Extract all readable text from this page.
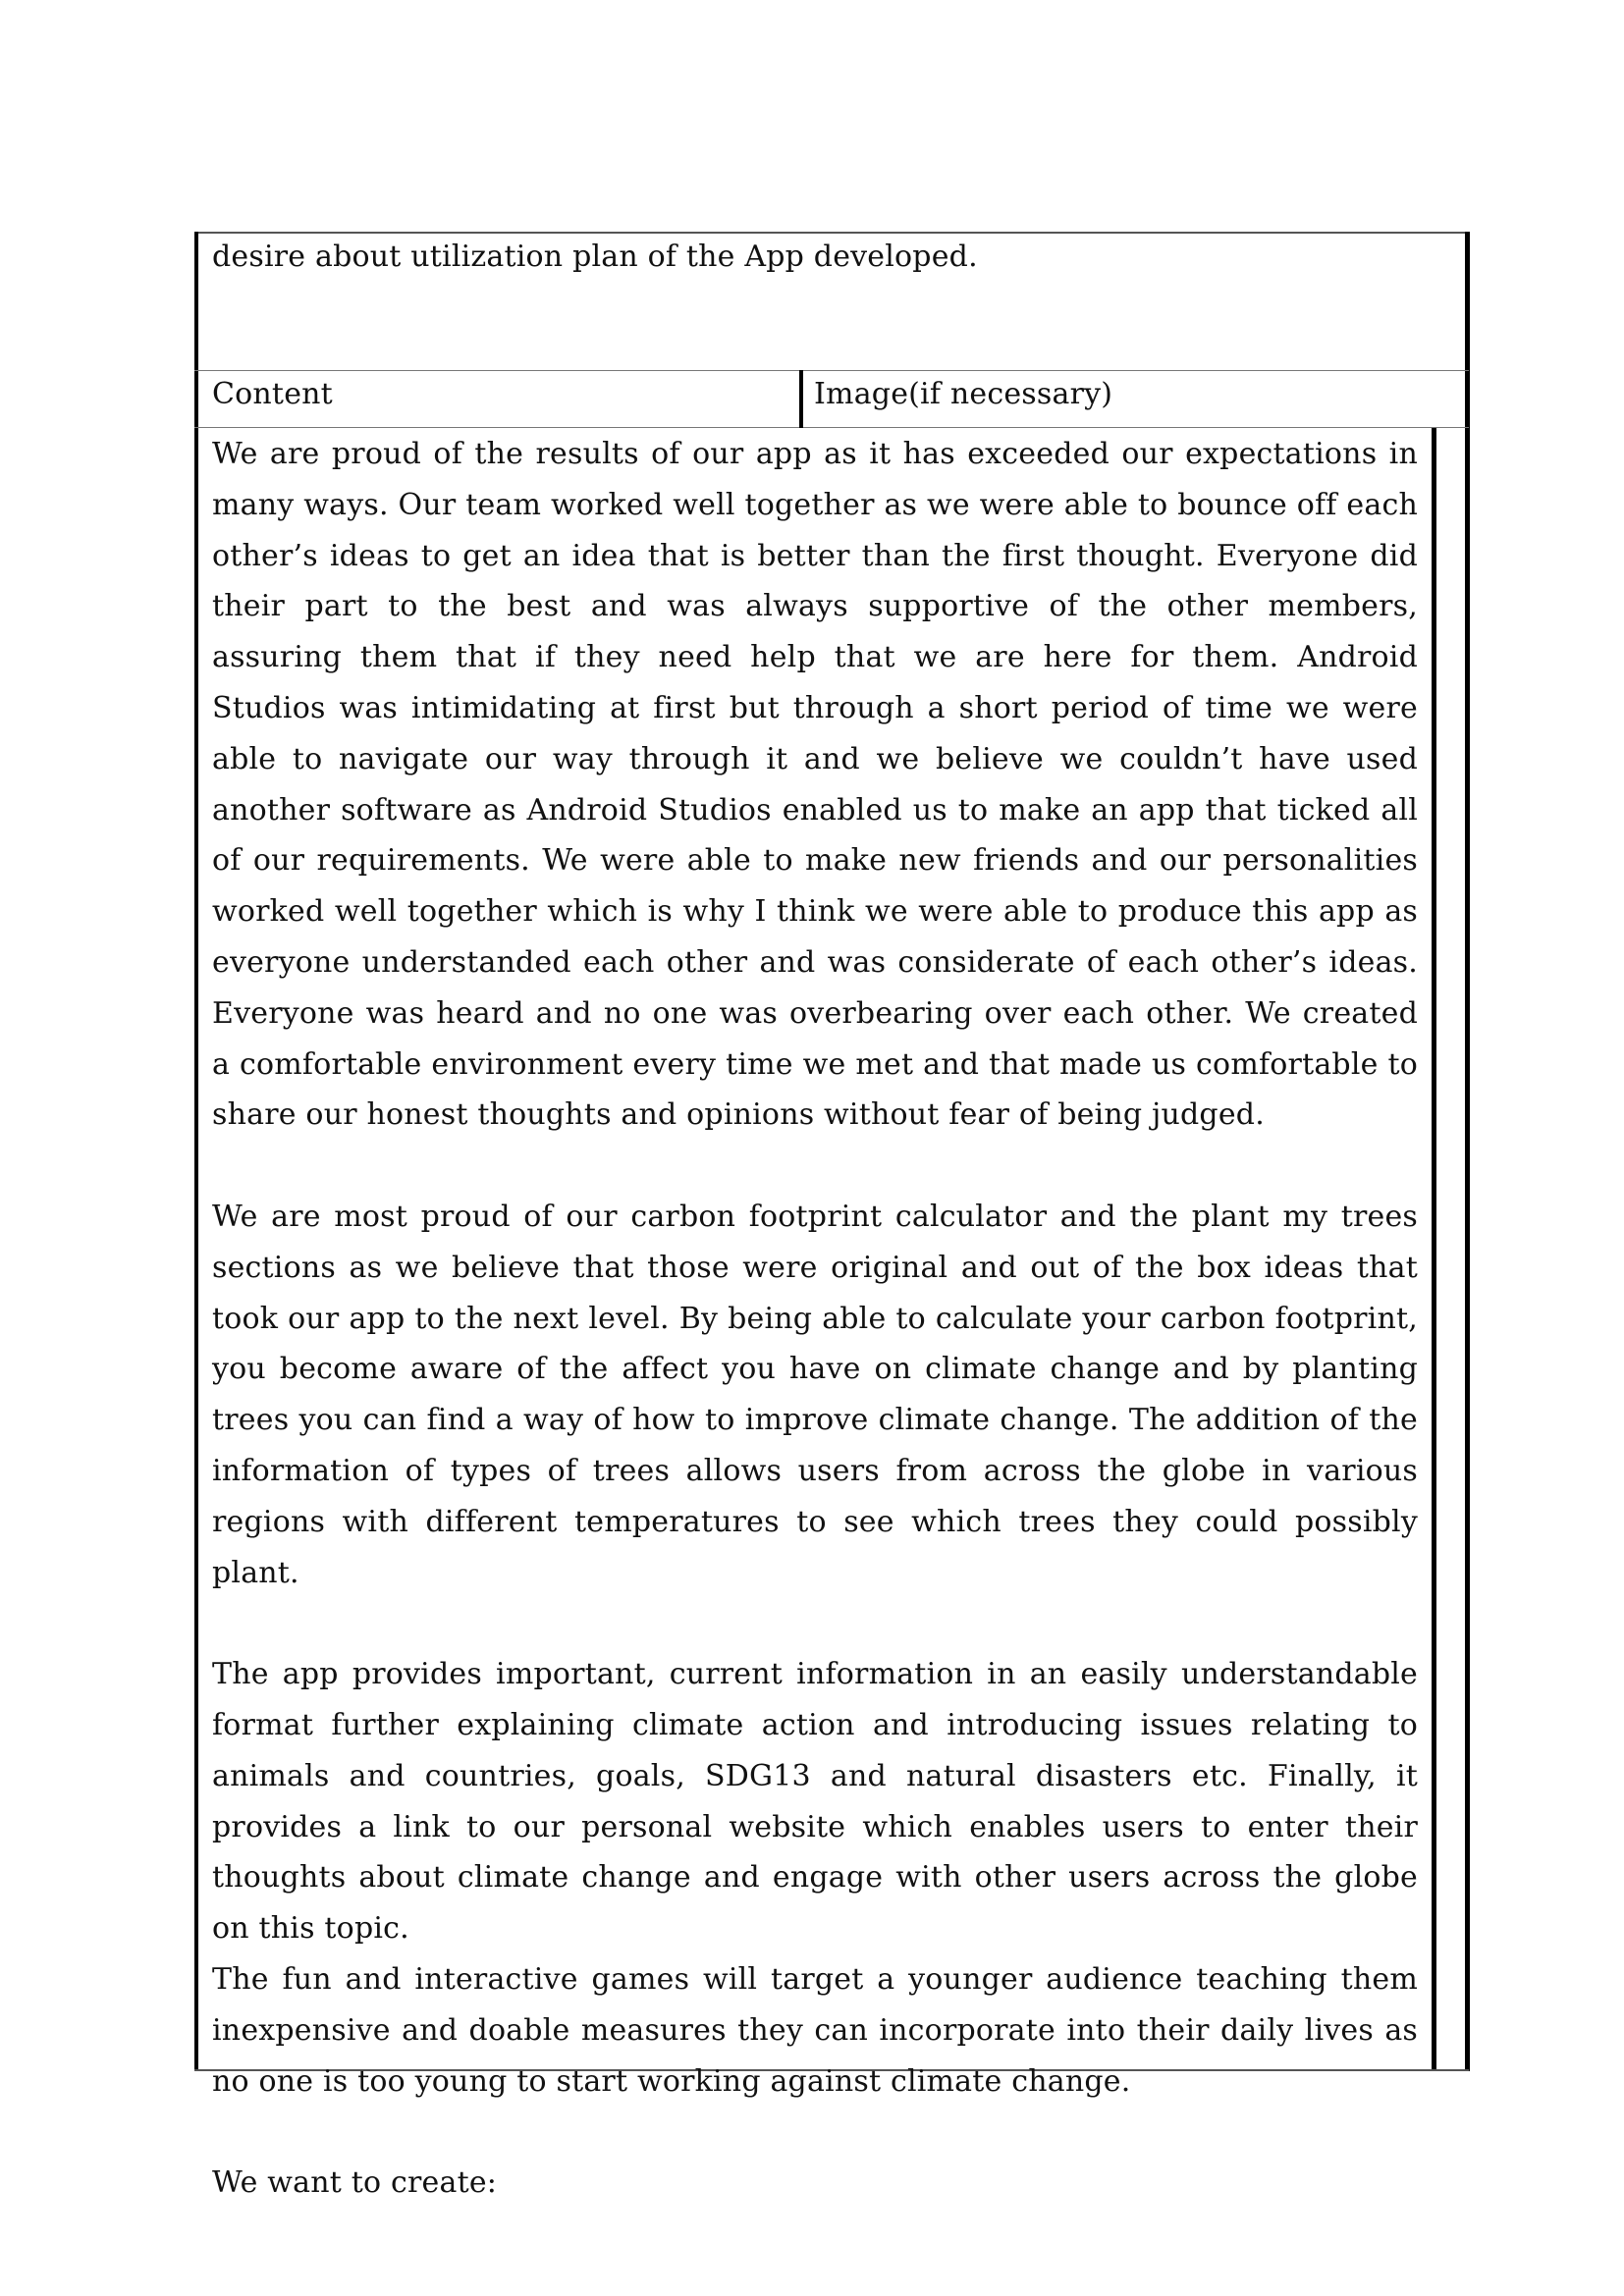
desire about utilization plan of the App developed.
Content	Image(if necessary)

We are proud of the results of our app as it has exceeded our expectations in many ways. Our team worked well together as we were able to bounce off each other’s ideas to get an idea that is better than the first thought. Everyone did their part to the best and was always supportive of the other members, assuring them that if they need help that we are here for them. Android Studios was intimidating at first but through a short period of time we were able to navigate our way through it and we believe we couldn’t have used another software as Android Studios enabled us to make an app that ticked all of our requirements. We were able to make new friends and our personalities worked well together which is why I think we were able to produce this app as everyone understanded each other and was considerate of each other’s ideas. Everyone was heard and no one was overbearing over each other. We created a comfortable environment every time we met and that made us comfortable to share our honest thoughts and opinions without fear of being judged.

We are most proud of our carbon footprint calculator and the plant my trees sections as we believe that those were original and out of the box ideas that took our app to the next level. By being able to calculate your carbon footprint, you become aware of the affect you have on climate change and by planting trees you can find a way of how to improve climate change. The addition of the information of types of trees allows users from across the globe in various regions with different temperatures to see which trees they could possibly plant.

The app provides important, current information in an easily understandable format further explaining climate action and introducing issues relating to animals and countries, goals, SDG13 and natural disasters etc. Finally, it provides a link to our personal website which enables users to enter their thoughts about climate change and engage with other users across the globe on this topic.

The fun and interactive games will target a younger audience teaching them inexpensive and doable measures they can incorporate into their daily lives as no one is too young to start working against climate change.

We want to create:
